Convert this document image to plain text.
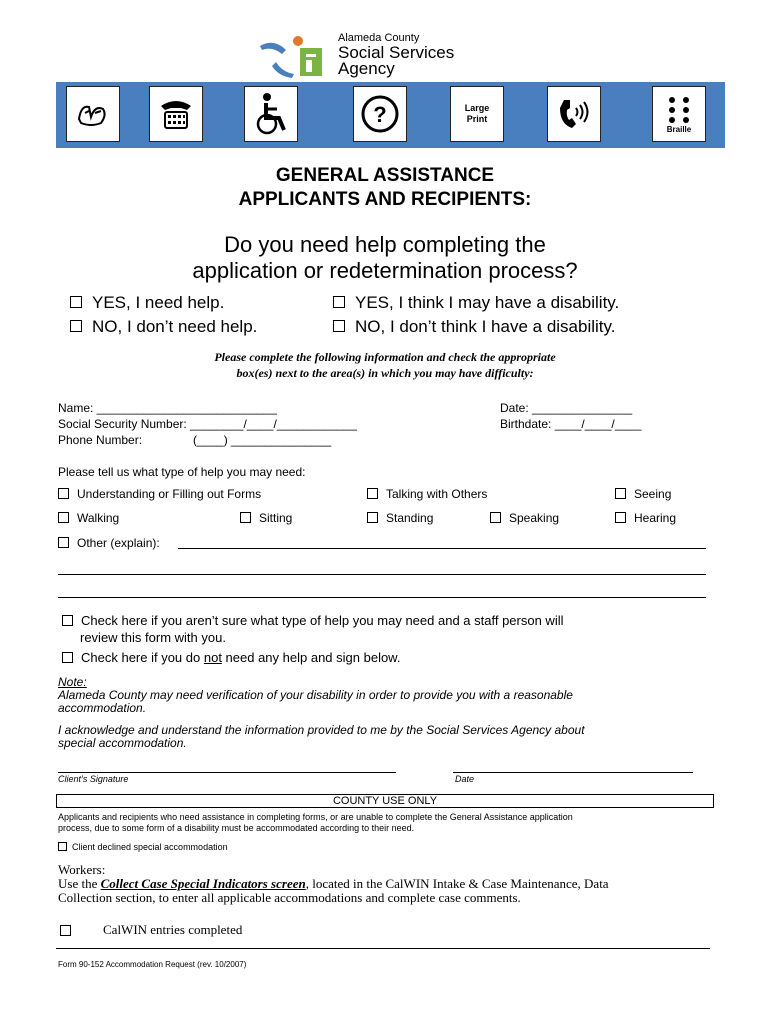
Alameda County
Social Services
Agency
?	Large Print
Braille
GENERAL ASSISTANCE
APPLICANTS AND RECIPIENTS:
Do you need help completing the
application or redetermination process?
YES, I need help.	YES, I think I may have a disability.
NO, I don’t need help.	NO, I don’t think I have a disability.
Please complete the following information and check the appropriate
box(es) next to the area(s) in which you may have difficulty:
Name: ___________________________
Social Security Number: ________/____/____________
Phone Number:	(____) _______________
Date: _______________
Birthdate: ____/____/____
Please tell us what type of help you may need:
Understanding or Filling out Forms	Talking with Others	Seeing
Walking	Sitting	Standing	Speaking	Hearing
Other (explain):
Check here if you aren’t sure what type of help you may need and a staff person will
review this form with you.
Check here if you do not need any help and sign below.
Note:
Alameda County may need verification of your disability in order to provide you with a reasonable
accommodation.
I acknowledge and understand the information provided to me by the Social Services Agency about
special accommodation.
Client’s Signature	Date
COUNTY USE ONLY
Applicants and recipients who need assistance in completing forms, or are unable to complete the General Assistance application
process, due to some form of a disability must be accommodated according to their need.
Client declined special accommodation
Workers:
Use the Collect Case Special Indicators screen, located in the CalWIN Intake & Case Maintenance, Data
Collection section, to enter all applicable accommodations and complete case comments.
CalWIN entries completed
Form 90-152 Accommodation Request (rev. 10/2007)
